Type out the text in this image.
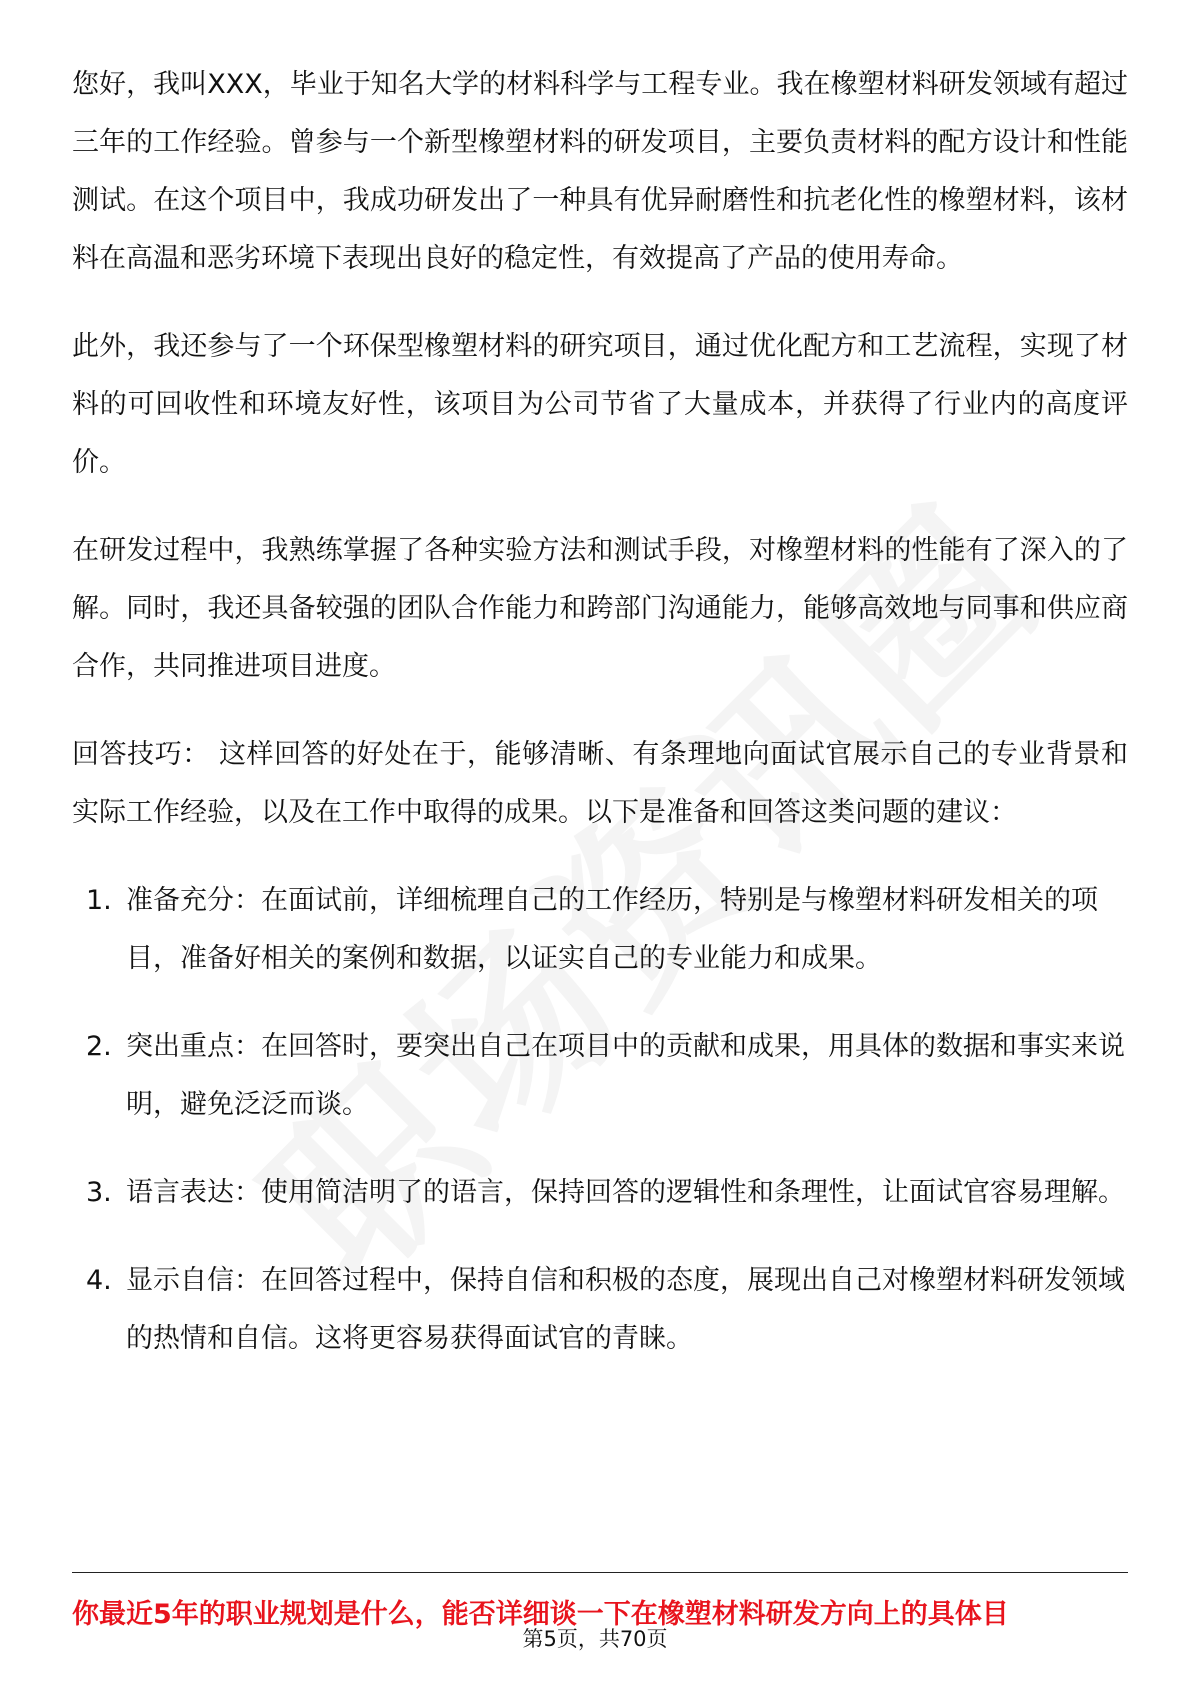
您好，我叫XXX，毕业于知名大学的材料科学与工程专业。我在橡塑材料研发领域有超过三年的工作经验。曾参与一个新型橡塑材料的研发项目，主要负责材料的配方设计和性能测试。在这个项目中，我成功研发出了一种具有优异耐磨性和抗老化性的橡塑材料，该材料在高温和恶劣环境下表现出良好的稳定性，有效提高了产品的使用寿命。

此外，我还参与了一个环保型橡塑材料的研究项目，通过优化配方和工艺流程，实现了材料的可回收性和环境友好性，该项目为公司节省了大量成本，并获得了行业内的高度评价。

在研发过程中，我熟练掌握了各种实验方法和测试手段，对橡塑材料的性能有了深入的了解。同时，我还具备较强的团队合作能力和跨部门沟通能力，能够高效地与同事和供应商合作，共同推进项目进度。

回答技巧： 这样回答的好处在于，能够清晰、有条理地向面试官展示自己的专业背景和实际工作经验，以及在工作中取得的成果。以下是准备和回答这类问题的建议：

1. 准备充分：在面试前，详细梳理自己的工作经历，特别是与橡塑材料研发相关的项目，准备好相关的案例和数据，以证实自己的专业能力和成果。
2. 突出重点：在回答时，要突出自己在项目中的贡献和成果，用具体的数据和事实来说明，避免泛泛而谈。
3. 语言表达：使用简洁明了的语言，保持回答的逻辑性和条理性，让面试官容易理解。
4. 显示自信：在回答过程中，保持自信和积极的态度，展现出自己对橡塑材料研发领域的热情和自信。这将更容易获得面试官的青睐。
你最近5年的职业规划是什么，能否详细谈一下在橡塑材料研发方向上的具体目
第5页，共70页
